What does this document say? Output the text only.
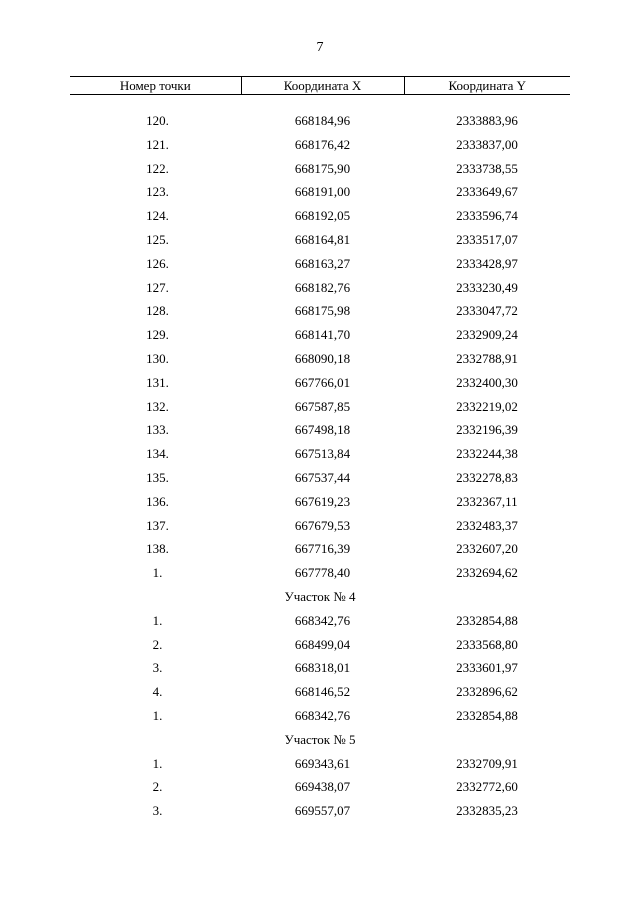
7
Номер точки	Координата X	Координата Y

120.	668184,96	2333883,96
121.	668176,42	2333837,00
122.	668175,90	2333738,55
123.	668191,00	2333649,67
124.	668192,05	2333596,74
125.	668164,81	2333517,07
126.	668163,27	2333428,97
127.	668182,76	2333230,49
128.	668175,98	2333047,72
129.	668141,70	2332909,24
130.	668090,18	2332788,91
131.	667766,01	2332400,30
132.	667587,85	2332219,02
133.	667498,18	2332196,39
134.	667513,84	2332244,38
135.	667537,44	2332278,83
136.	667619,23	2332367,11
137.	667679,53	2332483,37
138.	667716,39	2332607,20
1.	667778,40	2332694,62
Участок № 4		
1.	668342,76	2332854,88
2.	668499,04	2333568,80
3.	668318,01	2333601,97
4.	668146,52	2332896,62
1.	668342,76	2332854,88
Участок № 5		
1.	669343,61	2332709,91
2.	669438,07	2332772,60
3.	669557,07	2332835,23
